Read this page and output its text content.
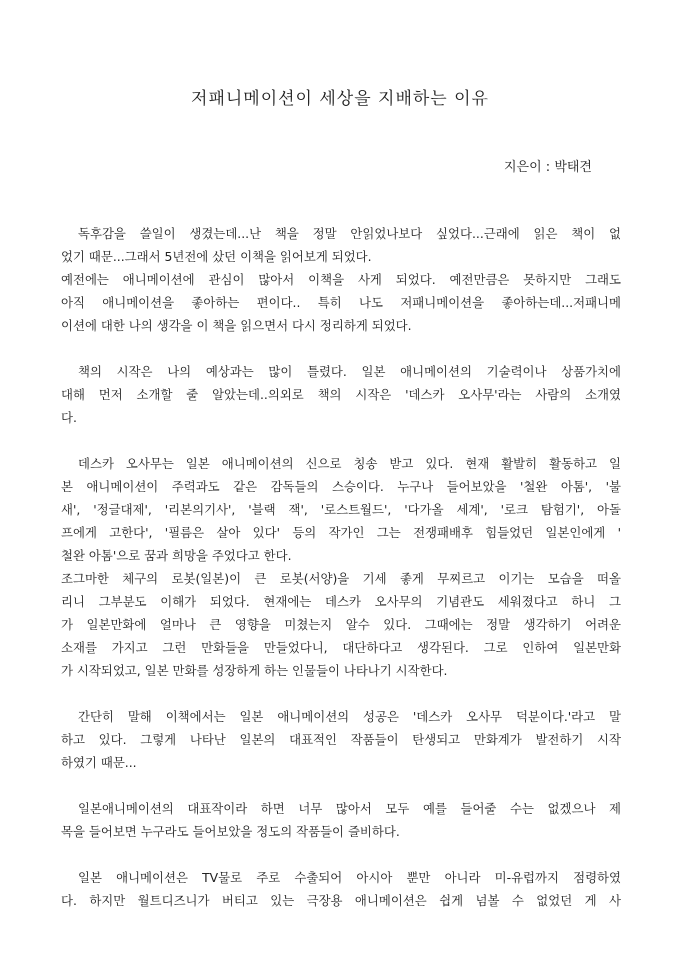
저패니메이션이 세상을 지배하는 이유
지은이 : 박태견
독후감을 쓸일이 생겼는데...난 책을 정말 안읽었나보다 싶었다...근래에 읽은 책이 없
었기 때문...그래서 5년전에 샀던 이책을 읽어보게 되었다.
예전에는 애니메이션에 관심이 많아서 이책을 사게 되었다. 예전만큼은 못하지만 그래도
아직 애니메이션을 좋아하는 편이다.. 특히 나도 저패니메이션을 좋아하는데...저패니메
이션에 대한 나의 생각을 이 책을 읽으면서 다시 정리하게 되었다.
책의 시작은 나의 예상과는 많이 틀렸다. 일본 애니메이션의 기술력이나 상품가치에
대해 먼저 소개할 줄 알았는데..의외로 책의 시작은 '데스카 오사무'라는 사람의 소개였
다.
데스카 오사무는 일본 애니메이션의 신으로 칭송 받고 있다. 현재 활발히 활동하고 일
본 애니메이션이 주력과도 같은 감독들의 스승이다. 누구나 들어보았을 '철완 아톰', '불
새', '정글대제', '리본의기사', '블랙 잭', '로스트월드', '다가올 세계', '로크 탐험기', 아돌
프에게 고한다', '필름은 살아 있다' 등의 작가인 그는 전쟁패배후 힘들었던 일본인에게 '
철완 아톰'으로 꿈과 희망을 주었다고 한다.
조그마한 체구의 로봇(일본)이 큰 로봇(서양)을 기세 좋게 무찌르고 이기는 모습을 떠올
리니 그부분도 이해가 되었다. 현재에는 데스카 오사무의 기념관도 세워졌다고 하니 그
가 일본만화에 얼마나 큰 영향을 미쳤는지 알수 있다. 그때에는 정말 생각하기 어려운
소재를 가지고 그런 만화들을 만들었다니, 대단하다고 생각된다. 그로 인하여 일본만화
가 시작되었고, 일본 만화를 성장하게 하는 인물들이 나타나기 시작한다.
간단히 말해 이책에서는 일본 애니메이션의 성공은 '데스카 오사무 덕분이다.'라고 말
하고 있다. 그렇게 나타난 일본의 대표적인 작품들이 탄생되고 만화계가 발전하기 시작
하였기 때문...
일본애니메이션의 대표작이라 하면 너무 많아서 모두 예를 들어줄 수는 없겠으나 제
목을 들어보면 누구라도 들어보았을 정도의 작품들이 즐비하다.
일본 애니메이션은 TV물로 주로 수출되어 아시아 뿐만 아니라 미-유럽까지 점령하였
다. 하지만 월트디즈니가 버티고 있는 극장용 애니메이션은 쉽게 넘볼 수 없었던 게 사
